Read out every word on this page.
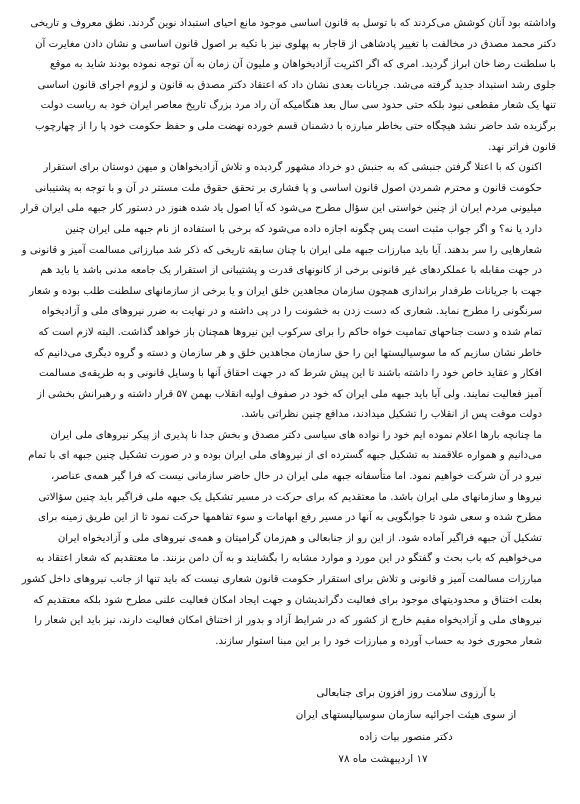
واداشته بود آنان کوشش می‌کردند که با توسل به قانون اساسی موجود مانع احیای استبداد نوین گردند. نطق معروف و تاریخی
دکتر محمد مصدق در مخالفت با تغییر پادشاهی از قاجار به پهلوی نیز با تکیه بر اصول قانون اساسی و نشان دادن مغایرت آن
با سلطنت رضا خان ابراز گردید. امری که اگر اکثریت آزادیخواهان و ملیون آن زمان به آن توجه نموده بودند شاید به موقع
جلوی رشد استبداد جدید گرفته می‌شد. جریانات بعدی نشان داد که اعتقاد دکتر مصدق به قانون و لزوم اجرای قانون اساسی
تنها یک شعار مقطعی نبود بلکه حتی حدود سی سال بعد هنگامیکه آن راد مرد بزرگ تاریخ معاصر ایران خود به ریاست دولت
برگزیده شد حاضر نشد هیچگاه حتی بخاطر مبارزه با دشمنان قسم خورده نهضت ملی و حفظ حکومت خود پا را از چهارچوب
قانون فراتر نهد.

اکنون که با اعتلا گرفتن جنبشی که به جنبش دو خرداد مشهور گردیده و تلاش آزادیخواهان و میهن دوستان برای استقرار
حکومت قانون و محترم شمردن اصول قانون اساسی و پا فشاری بر تحقق حقوق ملت مستتر در آن و با توجه به پشتیبانی
میلیونی مردم ایران از چنین خواستی این سؤال مطرح می‌شود که آیا اصول یاد شده هنوز در دستور کار جبهه ملی ایران قرار
دارد یا نه؟ و اگر جواب مثبت است پس چگونه اجازه داده می‌شود که برخی با استفاده از نام جبهه ملی ایران چنین
شعارهایی را سر بدهند. آیا باید مبارزات جبهه ملی ایران با چنان سابقه تاریخی که ذکر شد مبارزاتی مسالمت آمیز و قانونی و
در جهت مقابله با عملکردهای غیر قانونی برخی از کانونهای قدرت و پشتیبانی از استقرار یک جامعه مدنی باشد یا باید هم
جهت با جریانات طرفدار براندازی همچون سازمان مجاهدین خلق ایران و یا برخی از سازمانهای سلطنت طلب بوده و شعار
سرنگونی را مطرح نماید. شعاری که دست زدن به خشونت را در پی داشته و در نهایت به ضرر نیروهای ملی و آزادیخواه
تمام شده و دست جناحهای تمامیت خواه حاکم را برای سرکوب این نیروها همچنان باز خواهد گذاشت. البته لازم است که
خاطر نشان سازیم که ما سوسیالیستها این را حق سازمان مجاهدین خلق و هر سازمان و دسته و گروه دیگری می‌دانیم که
افکار و عقاید خاص خود را داشته باشند تا این پیش شرط که در جهت احقاق آنها با وسایل قانونی و به طریقه‌ی مسالمت
آمیز فعالیت نمایند. ولی آیا باید جبهه ملی ایران که خود در صفوف اولیه انقلاب بهمن ۵۷ قرار داشته و رهبرانش بخشی از
دولت موقت پس از انقلاب را تشکیل میدادند، مدافع چنین نظراتی باشد.

ما چنانچه بارها اعلام نموده ایم خود را نواده های سیاسی دکتر مصدق و بخش جدا نا پذیری از پیکر نیروهای ملی ایران
می‌دانیم و همواره علاقمند به تشکیل جبهه گسترده ای از نیروهای ملی ایران بوده و در صورت تشکیل چنین جبهه ای با تمام
نیرو در آن شرکت خواهیم نمود. اما متأسفانه جبهه ملی ایران در حال حاضر سازمانی نیست که فرا گیر همه‌ی عناصر،
نیروها و سازمانهای ملی ایران باشد. ما معتقدیم که برای حرکت در مسیر تشکیل یک جبهه ملی فراگیر باید چنین سؤالاتی
مطرح شده و سعی شود تا جوابگویی به آنها در مسیر رفع ابهامات و سوء تفاهمها حرکت نمود تا از این طریق زمینه برای
تشکیل آن جبهه فراگیر آماده شود. از این رو از جنابعالی و هم‌زمان گرامیتان و همه‌ی نیروهای ملی و آزادیخواه ایران
می‌خواهیم که باب بحث و گفتگو در این مورد و موارد مشابه را بگشایند و به آن دامن بزنند. ما معتقدیم که شعار اعتقاد به
مبارزات مسالمت آمیز و قانونی و تلاش برای استقرار حکومت قانون شعاری نیست که باید تنها از جانب نیروهای داخل کشور
بعلت اختناق و محدودیتهای موجود برای فعالیت دگراندیشان و جهت ایجاد امکان فعالیت علنی مطرح شود بلکه معتقدیم که
نیروهای ملی و آزادیخواه مقیم خارج از کشور که در شرایط آزاد و بدور از اختناق امکان فعالیت دارند، نیز باید این شعار را
شعار محوری خود به حساب آورده و مبارزات خود را بر این مبنا استوار سازند.

با آرزوی سلامت روز افزون برای جنابعالی
از سوی هیئت اجرائیه سازمان سوسیالیستهای ایران
دکتر منصور بیات زاده
۱۷ اردیبهشت ماه ۷۸
